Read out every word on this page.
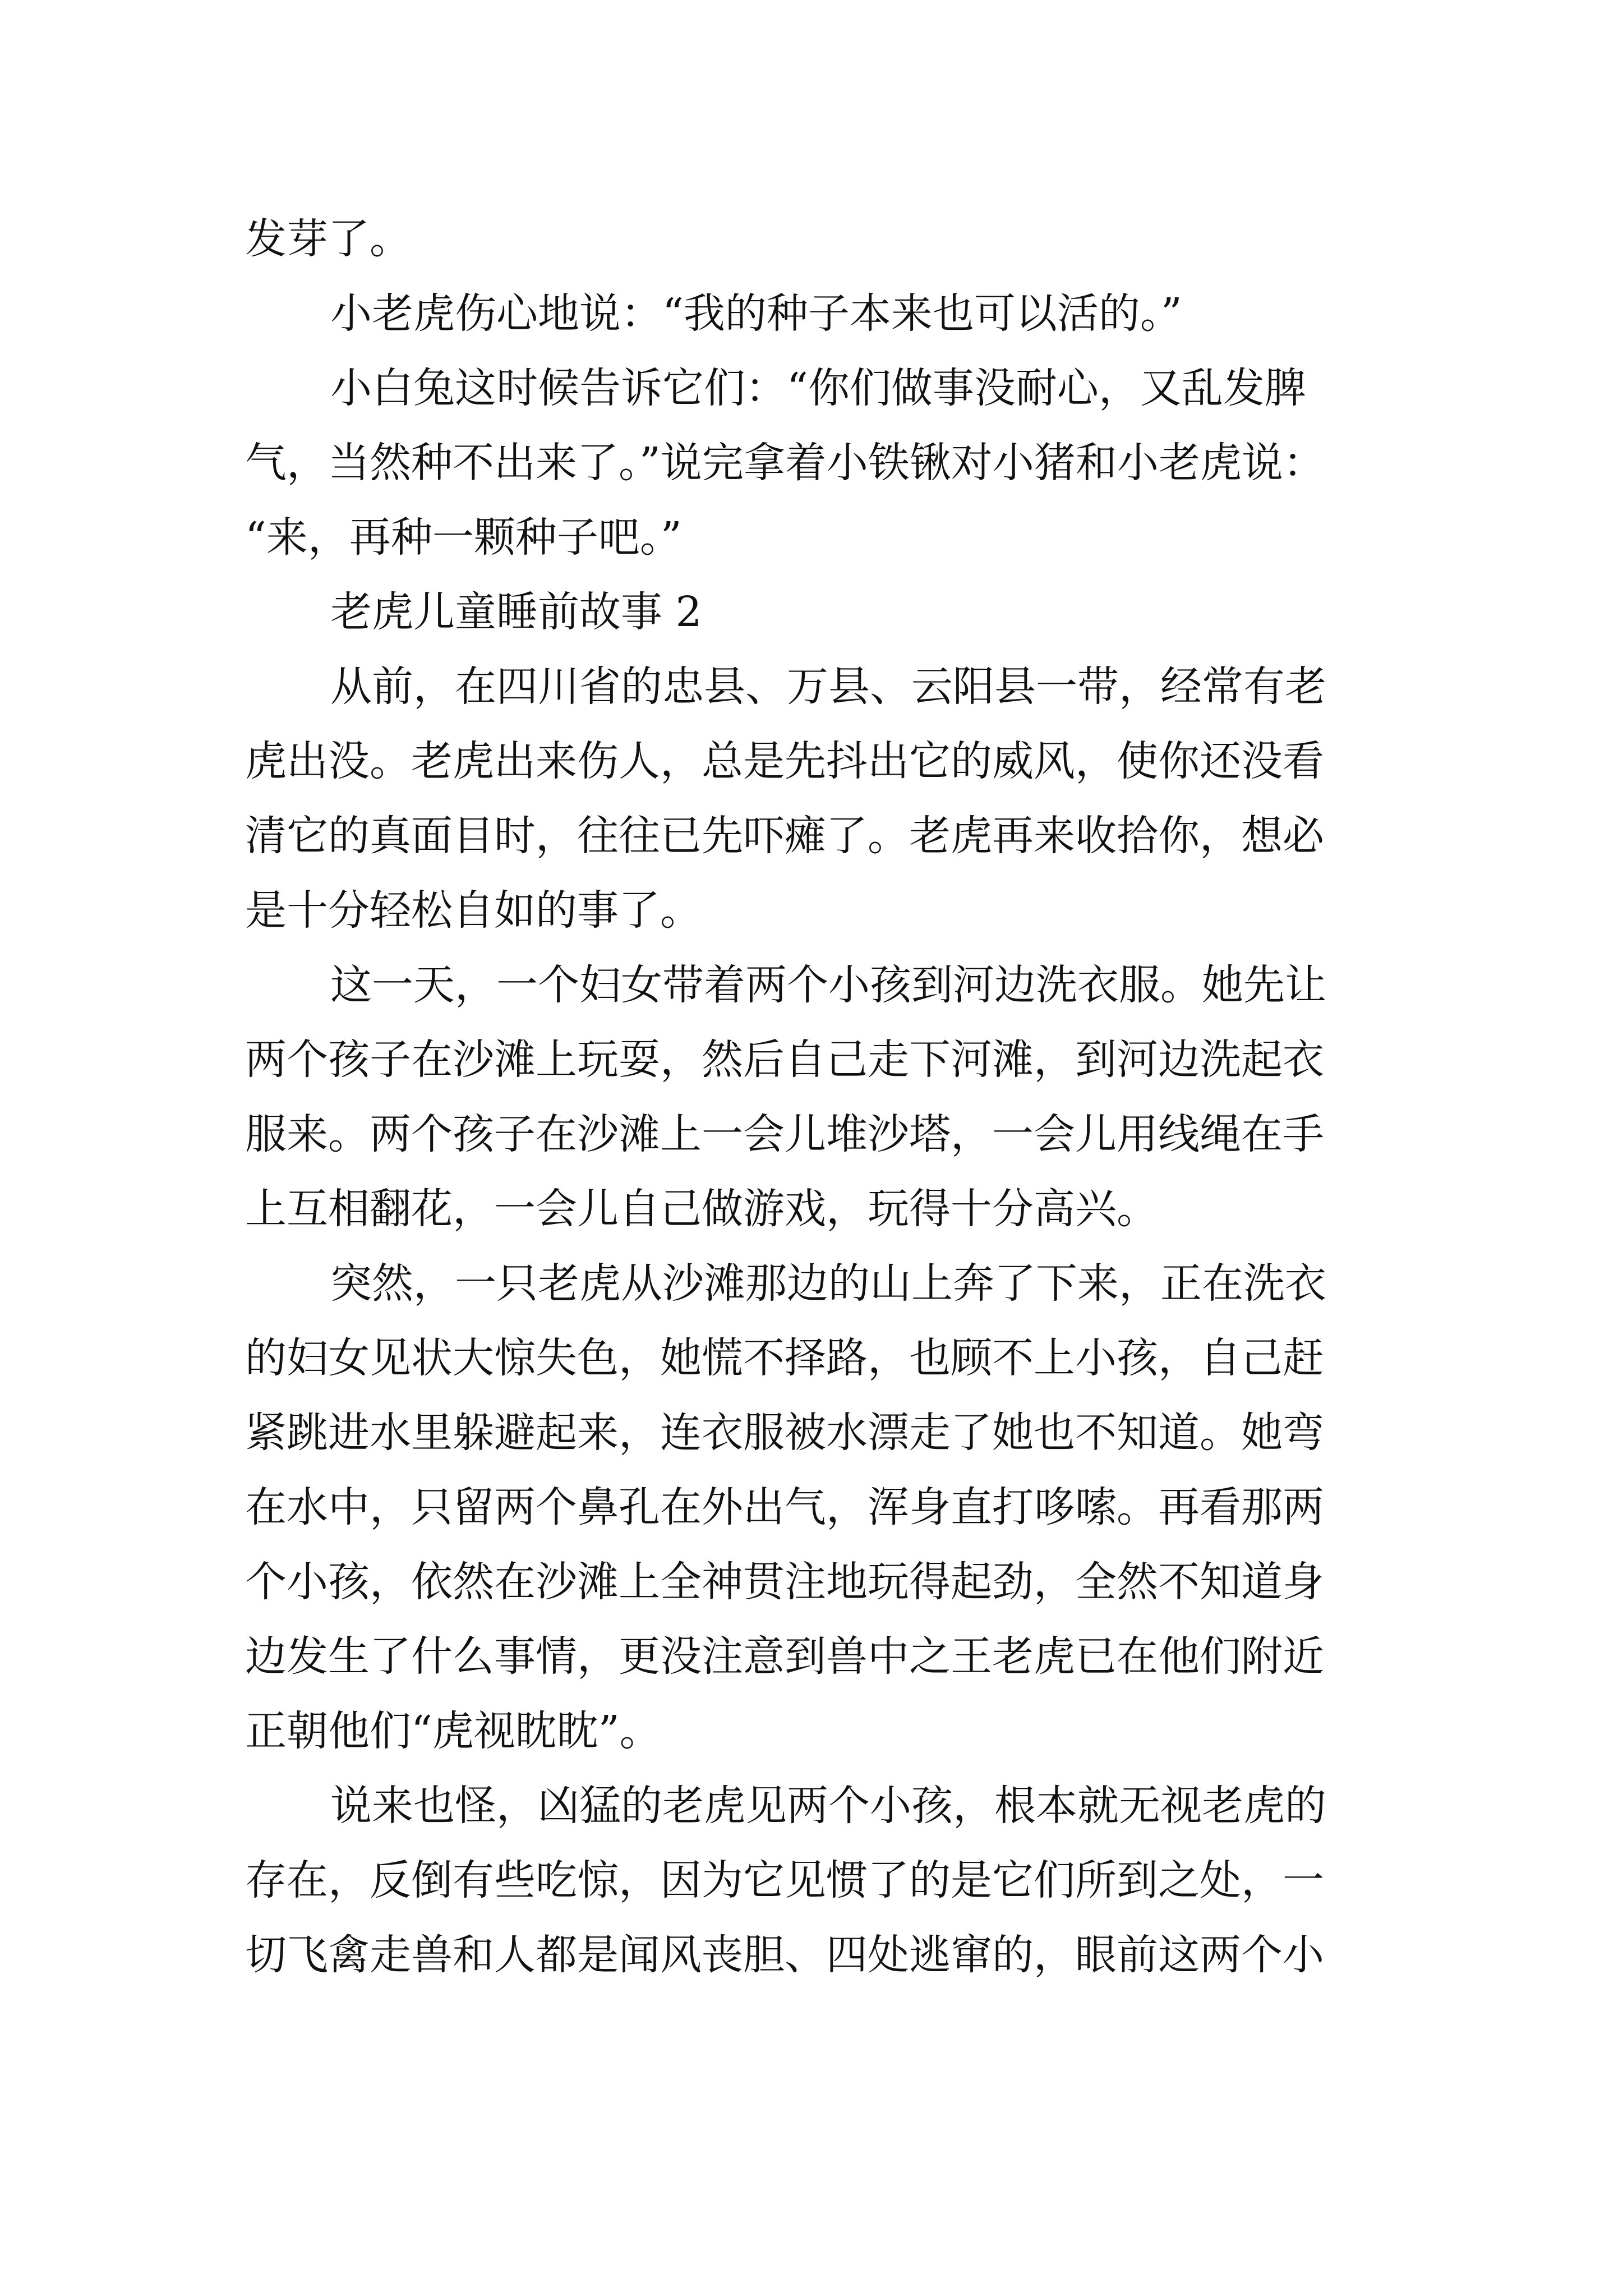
发芽了。
小老虎伤心地说：“我的种子本来也可以活的。”
小白兔这时候告诉它们：“你们做事没耐心，又乱发脾
气，当然种不出来了。”说完拿着小铁锹对小猪和小老虎说：
“来，再种一颗种子吧。”
老虎儿童睡前故事 2
从前，在四川省的忠县、万县、云阳县一带，经常有老
虎出没。老虎出来伤人，总是先抖出它的威风，使你还没看
清它的真面目时，往往已先吓瘫了。老虎再来收拾你，想必
是十分轻松自如的事了。
这一天，一个妇女带着两个小孩到河边洗衣服。她先让
两个孩子在沙滩上玩耍，然后自己走下河滩，到河边洗起衣
服来。两个孩子在沙滩上一会儿堆沙塔，一会儿用线绳在手
上互相翻花，一会儿自己做游戏，玩得十分高兴。
突然，一只老虎从沙滩那边的山上奔了下来，正在洗衣
的妇女见状大惊失色，她慌不择路，也顾不上小孩，自己赶
紧跳进水里躲避起来，连衣服被水漂走了她也不知道。她弯
在水中，只留两个鼻孔在外出气，浑身直打哆嗦。再看那两
个小孩，依然在沙滩上全神贯注地玩得起劲，全然不知道身
边发生了什么事情，更没注意到兽中之王老虎已在他们附近
正朝他们“虎视眈眈”。
说来也怪，凶猛的老虎见两个小孩，根本就无视老虎的
存在，反倒有些吃惊，因为它见惯了的是它们所到之处，一
切飞禽走兽和人都是闻风丧胆、四处逃窜的，眼前这两个小
